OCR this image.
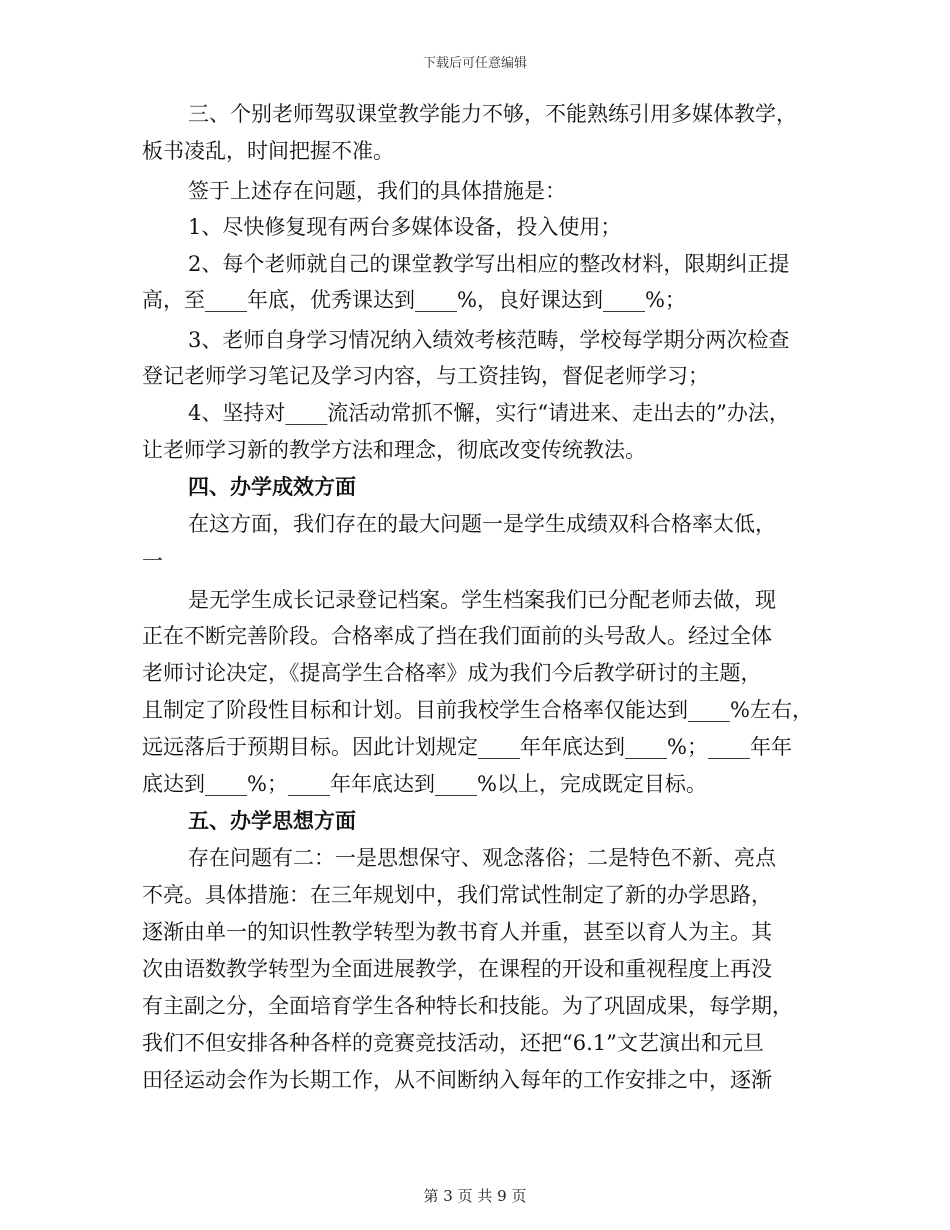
下载后可任意编辑
三、个别老师驾驭课堂教学能力不够，不能熟练引用多媒体教学，
板书凌乱，时间把握不准。
签于上述存在问题，我们的具体措施是：
1、尽快修复现有两台多媒体设备，投入使用；
2、每个老师就自己的课堂教学写出相应的整改材料，限期纠正提
高，至____年底，优秀课达到____%，良好课达到____%；
3、老师自身学习情况纳入绩效考核范畴，学校每学期分两次检查
登记老师学习笔记及学习内容，与工资挂钩，督促老师学习；
4、坚持对____流活动常抓不懈，实行“请进来、走出去的”办法，
让老师学习新的教学方法和理念，彻底改变传统教法。
四、办学成效方面
在这方面，我们存在的最大问题一是学生成绩双科合格率太低，
一
是无学生成长记录登记档案。学生档案我们已分配老师去做，现
正在不断完善阶段。合格率成了挡在我们面前的头号敌人。经过全体
老师讨论决定，《提高学生合格率》成为我们今后教学研讨的主题，
且制定了阶段性目标和计划。目前我校学生合格率仅能达到____%左右，
远远落后于预期目标。因此计划规定____年年底达到____%；____年年
底达到____%；____年年底达到____%以上，完成既定目标。
五、办学思想方面
存在问题有二：一是思想保守、观念落俗；二是特色不新、亮点
不亮。具体措施：在三年规划中，我们常试性制定了新的办学思路，
逐渐由单一的知识性教学转型为教书育人并重，甚至以育人为主。其
次由语数教学转型为全面进展教学，在课程的开设和重视程度上再没
有主副之分，全面培育学生各种特长和技能。为了巩固成果，每学期，
我们不但安排各种各样的竞赛竞技活动，还把“6.1”文艺演出和元旦
田径运动会作为长期工作，从不间断纳入每年的工作安排之中，逐渐
第 3 页 共 9 页
